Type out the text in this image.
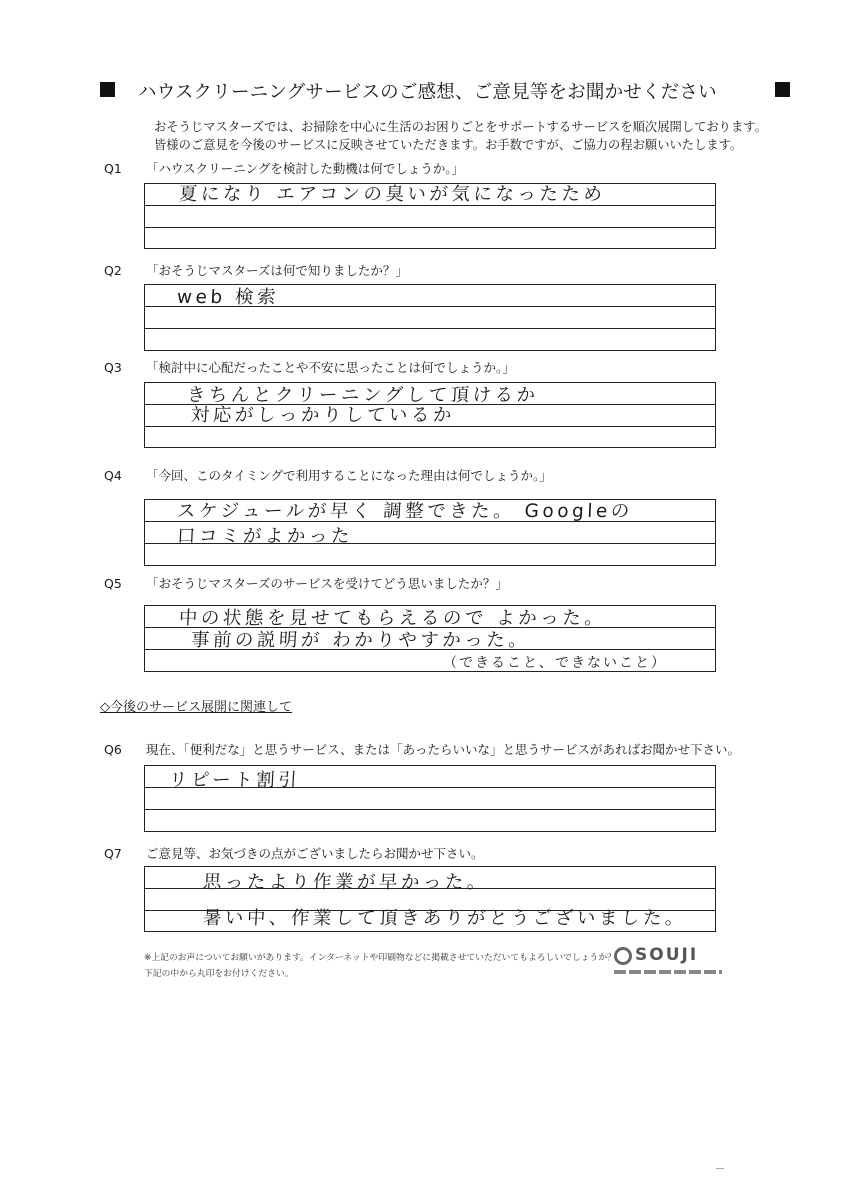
ハウスクリーニングサービスのご感想、ご意見等をお聞かせください
おそうじマスターズでは、お掃除を中心に生活のお困りごとをサポートするサービスを順次展開しております。
皆様のご意見を今後のサービスに反映させていただきます。お手数ですが、ご協力の程お願いいたします。
Q1 「ハウスクリーニングを検討した動機は何でしょうか。」
夏になり エアコンの臭いが気になったため
Q2 「おそうじマスターズは何で知りましたか？」
web 検索
Q3 「検討中に心配だったことや不安に思ったことは何でしょうか。」
きちんとクリーニングして頂けるか
対応がしっかりしているか
Q4 「今回、このタイミングで利用することになった理由は何でしょうか。」
スケジュールが早く 調整できた。 Googleの
口コミがよかった
Q5 「おそうじマスターズのサービスを受けてどう思いましたか？」
中の状態を見せてもらえるので よかった。
事前の説明が わかりやすかった。
（できること、できないこと）
◇今後のサービス展開に関連して
Q6 現在、「便利だな」と思うサービス、または「あったらいいな」と思うサービスがあればお聞かせ下さい。
リピート割引
Q7 ご意見等、お気づきの点がございましたらお聞かせ下さい。
思ったより作業が早かった。
暑い中、作業して頂きありがとうございました。
※上記のお声についてお願いがあります。インターネットや印刷物などに掲載させていただいてもよろしいでしょうか？
下記の中から丸印をお付けください。
SOUJI
